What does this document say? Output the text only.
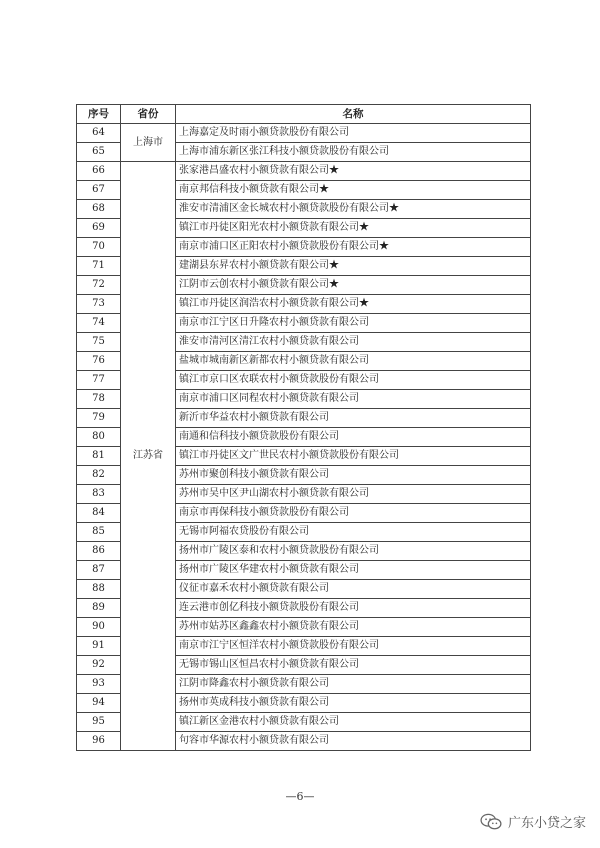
序号	省份	名称
64	上海市	上海嘉定及时雨小额贷款股份有限公司
65		上海市浦东新区张江科技小额贷款股份有限公司
66	江苏省	张家港昌盛农村小额贷款有限公司★
67		南京邦信科技小额贷款有限公司★
68		淮安市清浦区金长城农村小额贷款股份有限公司★
69		镇江市丹徒区阳光农村小额贷款有限公司★
70		南京市浦口区正阳农村小额贷款股份有限公司★
71		建湖县东昇农村小额贷款有限公司★
72		江阴市云创农村小额贷款有限公司★
73		镇江市丹徒区润浩农村小额贷款有限公司★
74		南京市江宁区日升隆农村小额贷款有限公司
75		淮安市清河区清江农村小额贷款有限公司
76		盐城市城南新区新都农村小额贷款有限公司
77		镇江市京口区农联农村小额贷款股份有限公司
78		南京市浦口区同程农村小额贷款有限公司
79		新沂市华益农村小额贷款有限公司
80		南通和信科技小额贷款股份有限公司
81		镇江市丹徒区文广世民农村小额贷款股份有限公司
82		苏州市聚创科技小额贷款有限公司
83		苏州市吴中区尹山湖农村小额贷款有限公司
84		南京市再保科技小额贷款股份有限公司
85		无锡市阿福农贷股份有限公司
86		扬州市广陵区泰和农村小额贷款股份有限公司
87		扬州市广陵区华建农村小额贷款有限公司
88		仪征市嘉禾农村小额贷款有限公司
89		连云港市创亿科技小额贷款股份有限公司
90		苏州市姑苏区鑫鑫农村小额贷款有限公司
91		南京市江宁区恒洋农村小额贷款股份有限公司
92		无锡市锡山区恒昌农村小额贷款有限公司
93		江阴市降鑫农村小额贷款有限公司
94		扬州市英成科技小额贷款有限公司
95		镇江新区金港农村小额贷款有限公司
96		句容市华源农村小额贷款有限公司
—6—
广东小贷之家
